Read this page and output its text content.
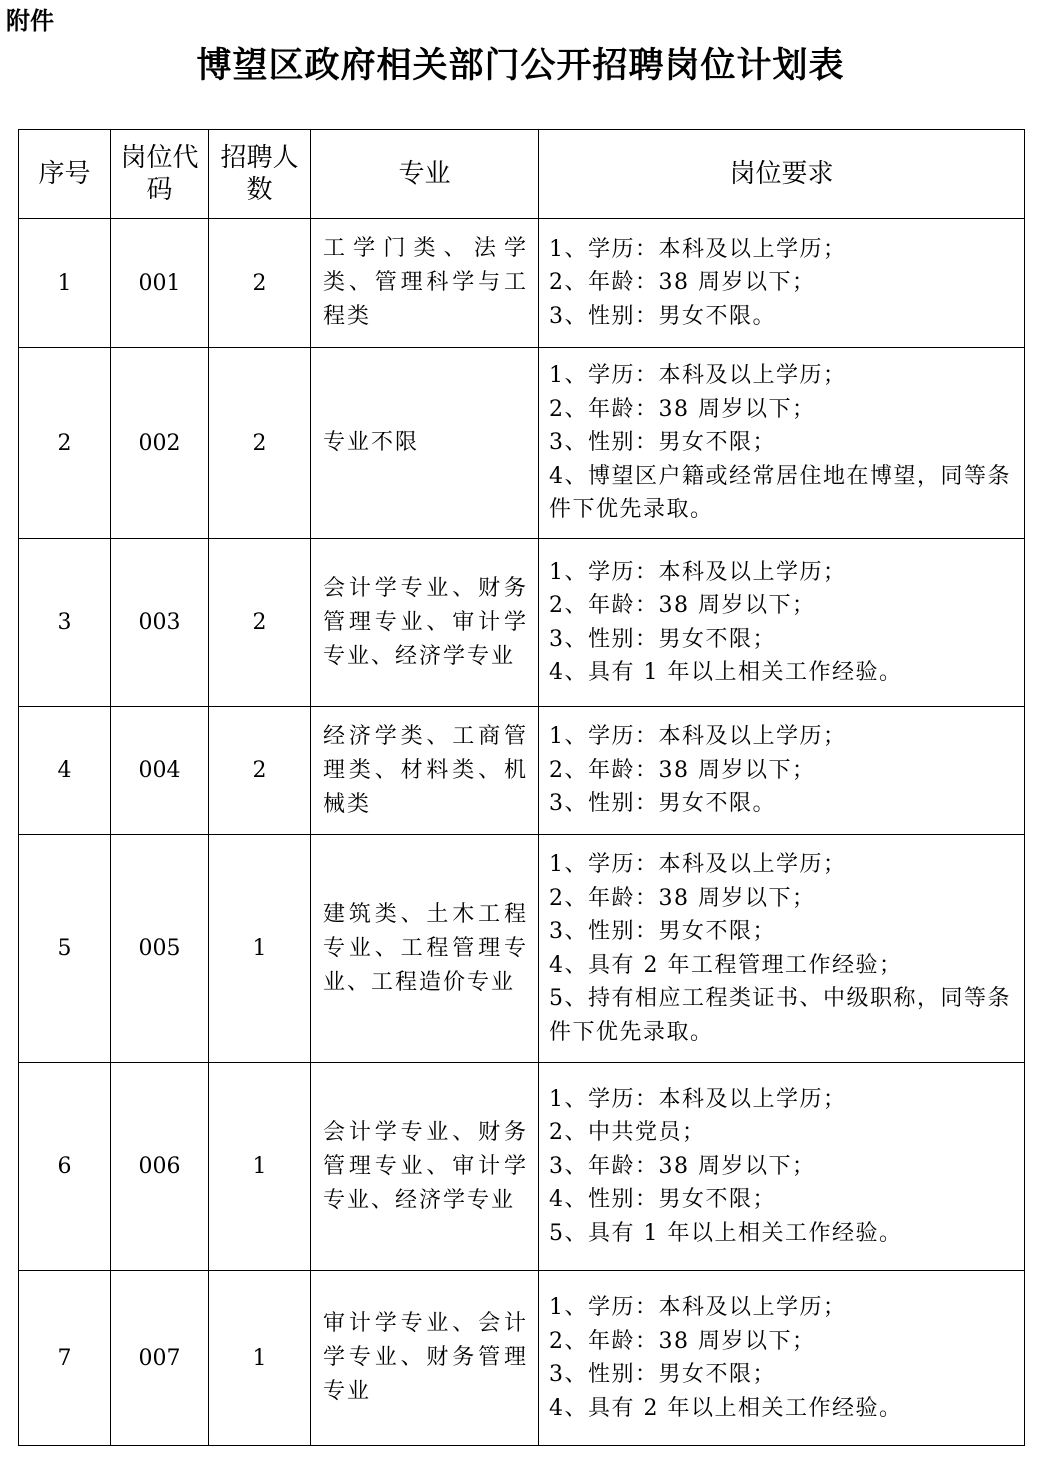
附件
博望区政府相关部门公开招聘岗位计划表
序号	岗位代码	招聘人数	专业	岗位要求
1	001	2	工学门类、法学类、管理科学与工程类	1、学历：本科及以上学历；
2、年龄：38 周岁以下；
3、性别：男女不限。

2	002	2	专业不限	1、学历：本科及以上学历；
2、年龄：38 周岁以下；
3、性别：男女不限；
4、博望区户籍或经常居住地在博望，同等条件下优先录取。

3	003	2	会计学专业、财务管理专业、审计学专业、经济学专业	1、学历：本科及以上学历；
2、年龄：38 周岁以下；
3、性别：男女不限；
4、具有 1 年以上相关工作经验。

4	004	2	经济学类、工商管理类、材料类、机械类	1、学历：本科及以上学历；
2、年龄：38 周岁以下；
3、性别：男女不限。

5	005	1	建筑类、土木工程专业、工程管理专业、工程造价专业	1、学历：本科及以上学历；
2、年龄：38 周岁以下；
3、性别：男女不限；
4、具有 2 年工程管理工作经验；
5、持有相应工程类证书、中级职称，同等条件下优先录取。

6	006	1	会计学专业、财务管理专业、审计学专业、经济学专业	1、学历：本科及以上学历；
2、中共党员；
3、年龄：38 周岁以下；
4、性别：男女不限；
5、具有 1 年以上相关工作经验。

7	007	1	审计学专业、会计学专业、财务管理专业	1、学历：本科及以上学历；
2、年龄：38 周岁以下；
3、性别：男女不限；
4、具有 2 年以上相关工作经验。
